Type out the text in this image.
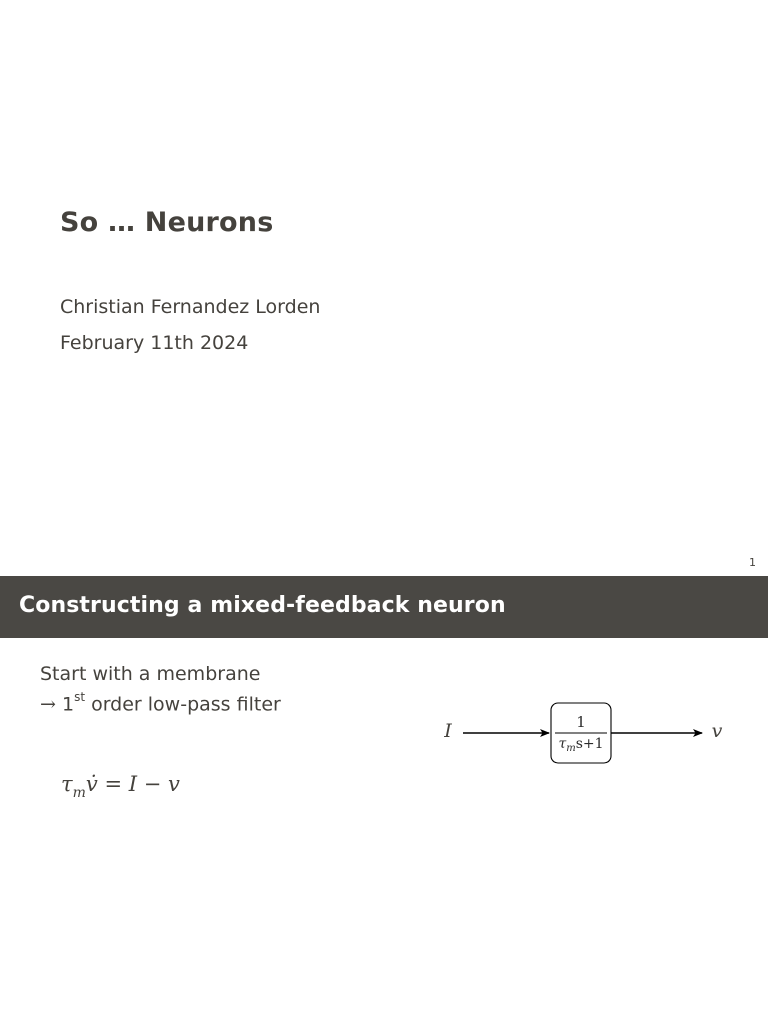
So … Neurons
Christian Fernandez Lorden
February 11th 2024
1
Constructing a mixed-feedback neuron
Start with a membrane
→ 1st order low-pass filter
$\tau_mv̇ = I - v$
I	1
$\tau_ms+1$
v
